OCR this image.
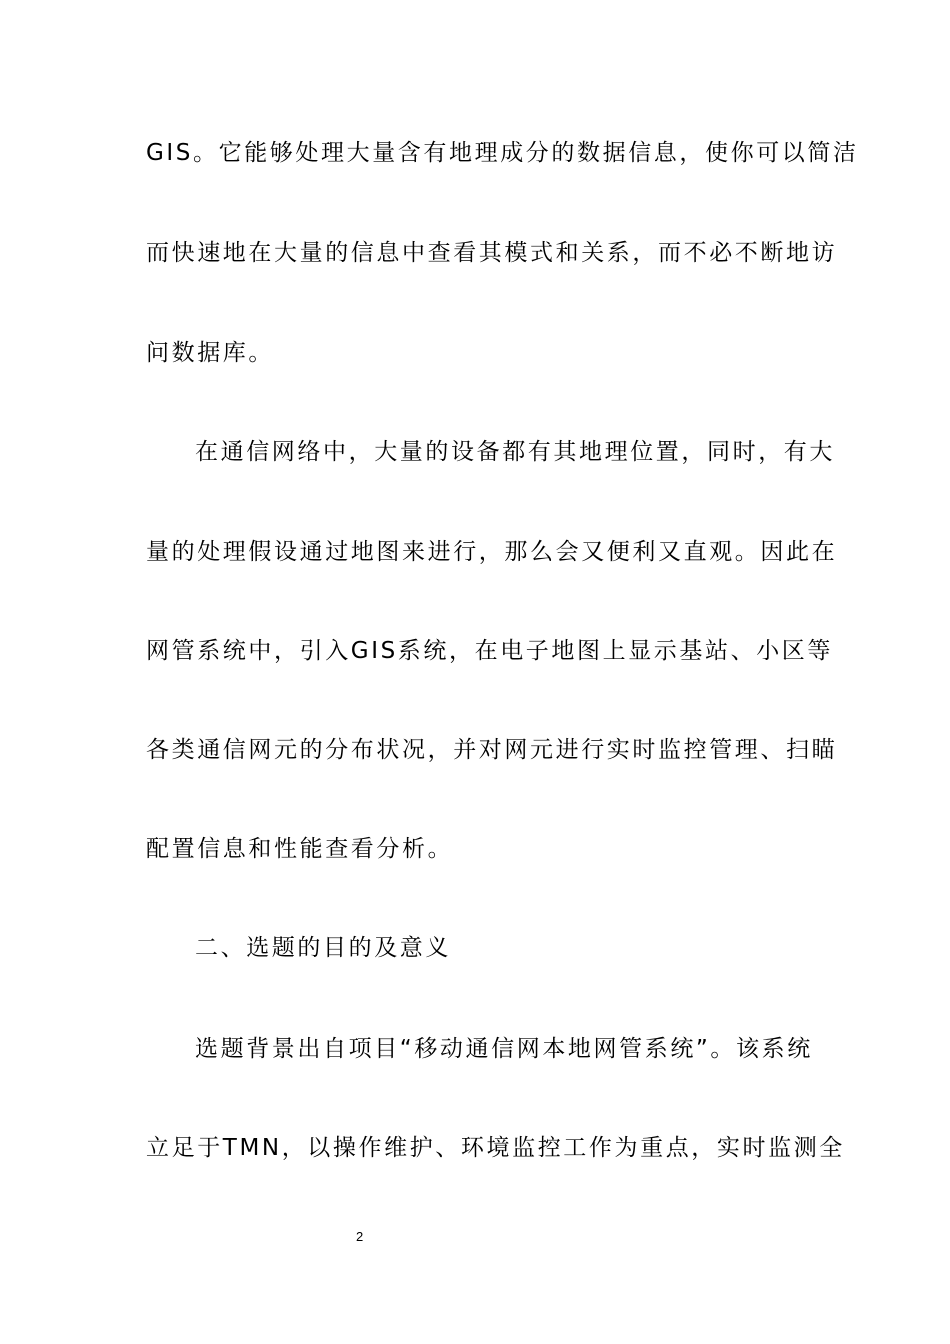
GIS。它能够处理大量含有地理成分的数据信息，使你可以简洁
而快速地在大量的信息中查看其模式和关系，而不必不断地访
问数据库。
在通信网络中，大量的设备都有其地理位置，同时，有大
量的处理假设通过地图来进行，那么会又便利又直观。因此在
网管系统中，引入GIS系统，在电子地图上显示基站、小区等
各类通信网元的分布状况，并对网元进行实时监控管理、扫瞄
配置信息和性能查看分析。
二、选题的目的及意义
选题背景出自项目“移动通信网本地网管系统”。该系统
立足于TMN，以操作维护、环境监控工作为重点，实时监测全
2
